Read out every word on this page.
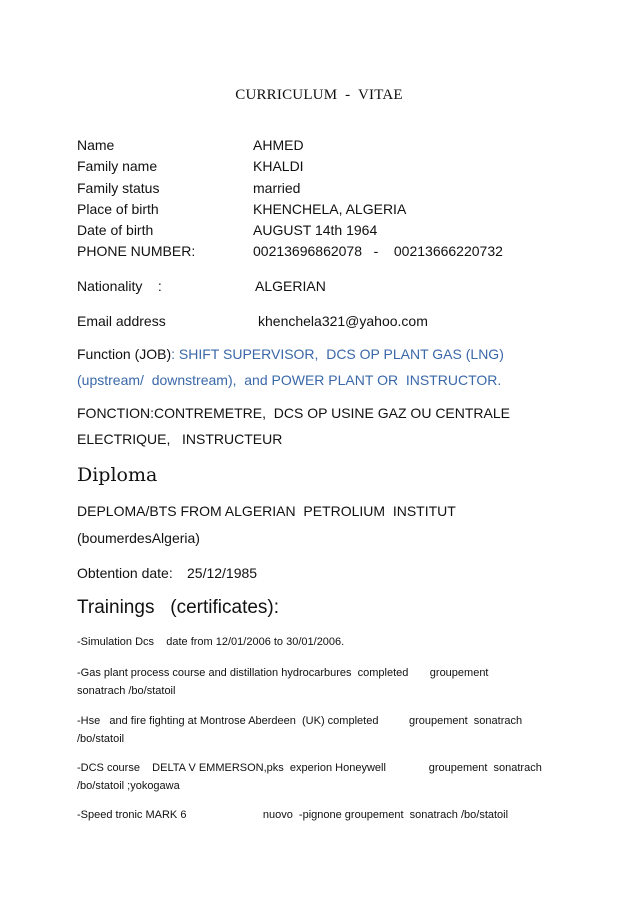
CURRICULUM  -  VITAE
Name	AHMED
Family name	KHALDI
Family status	married
Place of birth	KHENCHELA, ALGERIA
Date of birth	AUGUST 14th 1964
PHONE NUMBER:	00213696862078   -    00213666220732
Nationality    :	ALGERIAN
Email address	khenchela321@yahoo.com
Function (JOB): SHIFT SUPERVISOR,  DCS OP PLANT GAS (LNG)
(upstream/  downstream),  and POWER PLANT OR  INSTRUCTOR.
FONCTION:CONTREMETRE,  DCS OP USINE GAZ OU CENTRALE
ELECTRIQUE,   INSTRUCTEUR
Diploma
DEPLOMA/BTS FROM ALGERIAN  PETROLIUM  INSTITUT
(boumerdesAlgeria)
Obtention date: 25/12/1985
Trainings   (certificates):
-Simulation Dcs    date from 12/01/2006 to 30/01/2006.
-Gas plant process course and distillation hydrocarbures  completed       groupement
sonatrach /bo/statoil
-Hse   and fire fighting at Montrose Aberdeen  (UK) completed          groupement  sonatrach
/bo/statoil
-DCS course    DELTA V EMMERSON,pks  experion Honeywell              groupement  sonatrach
/bo/statoil ;yokogawa
-Speed tronic MARK 6                         nuovo  -pignone groupement  sonatrach /bo/statoil
